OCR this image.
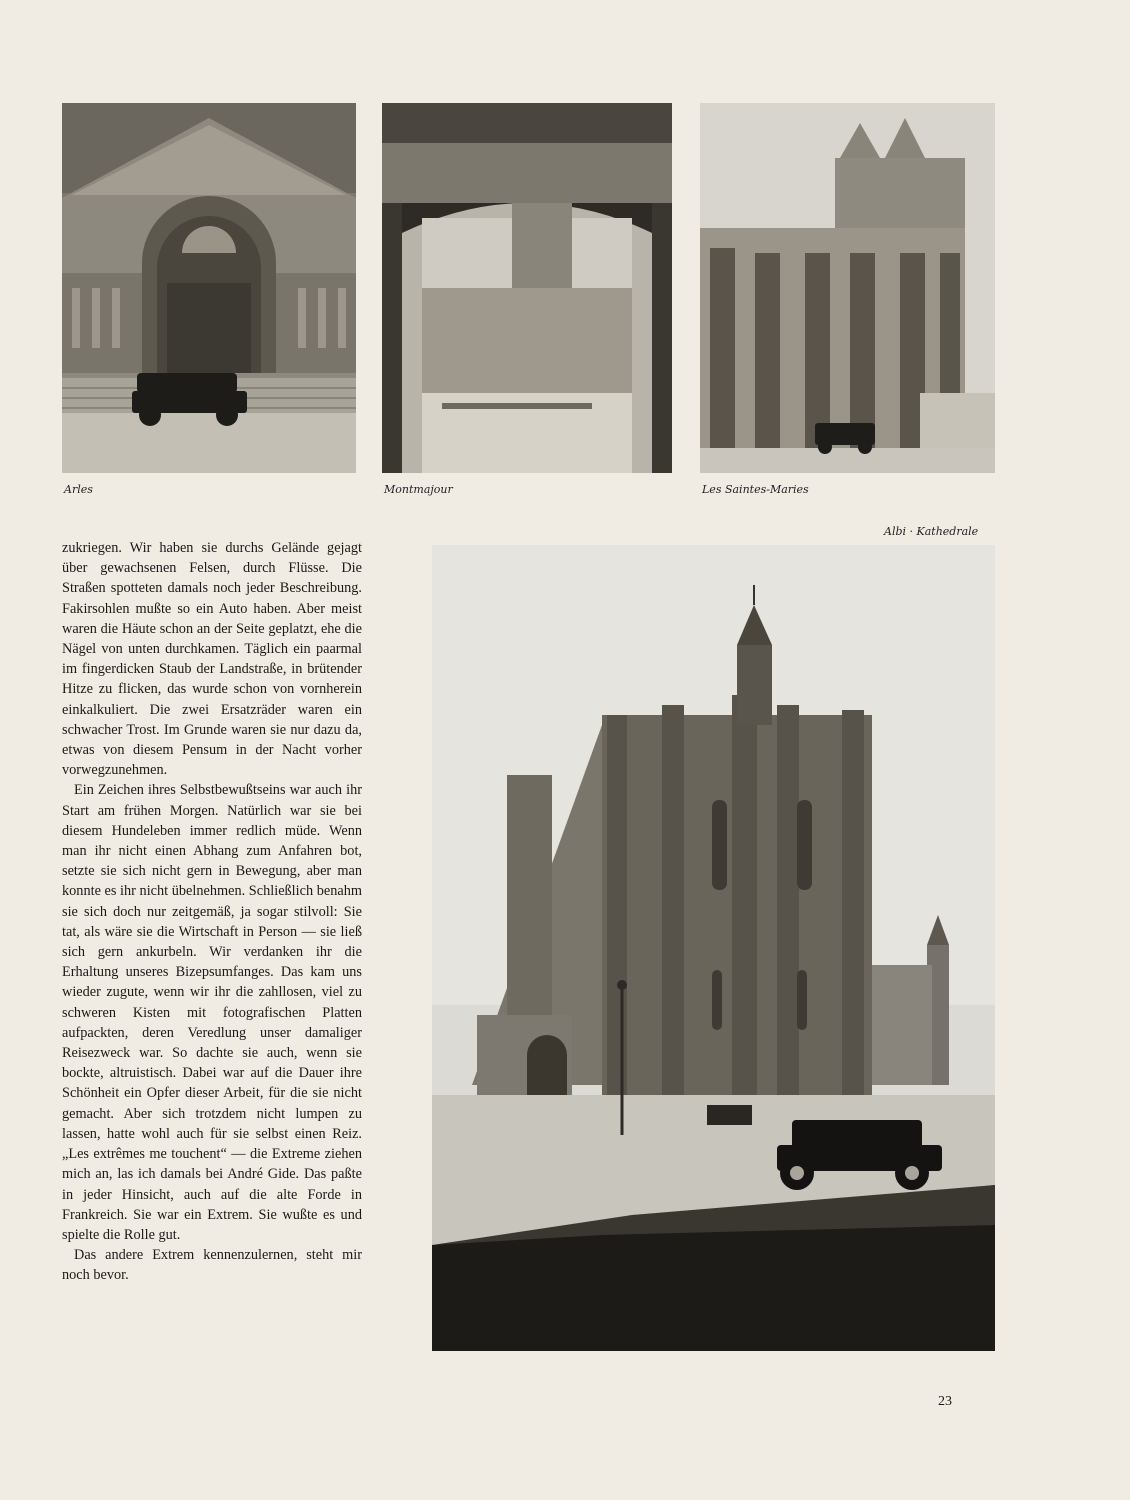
Arles	Montmajour	Les Saintes-Maries
Albi · Kathedrale

zukriegen. Wir haben sie durchs Gelände gejagt über gewachsenen Felsen, durch Flüsse. Die Straßen spotteten damals noch jeder Beschreibung. Fakirsohlen mußte so ein Auto haben. Aber meist waren die Häute schon an der Seite geplatzt, ehe die Nägel von unten durchkamen. Täglich ein paarmal im fingerdicken Staub der Landstraße, in brütender Hitze zu flicken, das wurde schon von vornherein einkalkuliert. Die zwei Ersatzräder waren ein schwacher Trost. Im Grunde waren sie nur dazu da, etwas von diesem Pensum in der Nacht vorher vorwegzunehmen.

Ein Zeichen ihres Selbstbewußtseins war auch ihr Start am frühen Morgen. Natürlich war sie bei diesem Hundeleben immer redlich müde. Wenn man ihr nicht einen Abhang zum Anfahren bot, setzte sie sich nicht gern in Bewegung, aber man konnte es ihr nicht übelnehmen. Schließlich benahm sie sich doch nur zeitgemäß, ja sogar stilvoll: Sie tat, als wäre sie die Wirtschaft in Person — sie ließ sich gern ankurbeln. Wir verdanken ihr die Erhaltung unseres Bizepsumfanges. Das kam uns wieder zugute, wenn wir ihr die zahllosen, viel zu schweren Kisten mit fotografischen Platten aufpackten, deren Veredlung unser damaliger Reisezweck war. So dachte sie auch, wenn sie bockte, altruistisch. Dabei war auf die Dauer ihre Schönheit ein Opfer dieser Arbeit, für die sie nicht gemacht. Aber sich trotzdem nicht lumpen zu lassen, hatte wohl auch für sie selbst einen Reiz. „Les extrêmes me touchent“ — die Extreme ziehen mich an, las ich damals bei André Gide. Das paßte in jeder Hinsicht, auch auf die alte Forde in Frankreich. Sie war ein Extrem. Sie wußte es und spielte die Rolle gut.

Das andere Extrem kennenzulernen, steht mir noch bevor.

23
